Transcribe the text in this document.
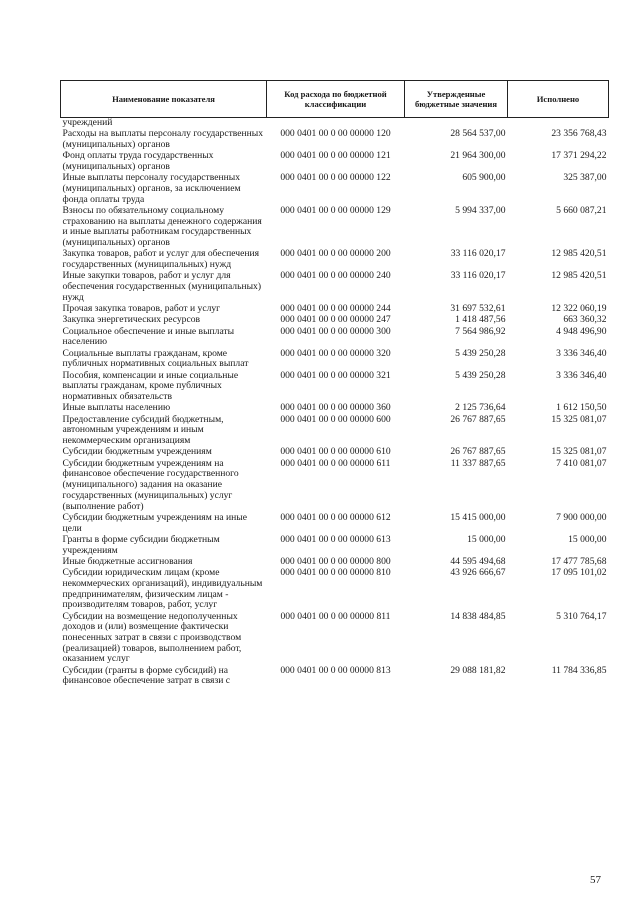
Наименование показателя	Код расхода по бюджетной классификации	Утвержденные бюджетные значения	Исполнено
учреждений			
Расходы на выплаты персоналу государственных (муниципальных) органов	000 0401 00 0 00 00000 120	28 564 537,00	23 356 768,43
Фонд оплаты труда государственных (муниципальных) органов	000 0401 00 0 00 00000 121	21 964 300,00	17 371 294,22
Иные выплаты персоналу государственных (муниципальных) органов, за исключением фонда оплаты труда	000 0401 00 0 00 00000 122	605 900,00	325 387,00
Взносы по обязательному социальному страхованию на выплаты денежного содержания и иные выплаты работникам государственных (муниципальных) органов	000 0401 00 0 00 00000 129	5 994 337,00	5 660 087,21
Закупка товаров, работ и услуг для обеспечения государственных (муниципальных) нужд	000 0401 00 0 00 00000 200	33 116 020,17	12 985 420,51
Иные закупки товаров, работ и услуг для обеспечения государственных (муниципальных) нужд	000 0401 00 0 00 00000 240	33 116 020,17	12 985 420,51
Прочая закупка товаров, работ и услуг	000 0401 00 0 00 00000 244	31 697 532,61	12 322 060,19
Закупка энергетических ресурсов	000 0401 00 0 00 00000 247	1 418 487,56	663 360,32
Социальное обеспечение и иные выплаты населению	000 0401 00 0 00 00000 300	7 564 986,92	4 948 496,90
Социальные выплаты гражданам, кроме публичных нормативных социальных выплат	000 0401 00 0 00 00000 320	5 439 250,28	3 336 346,40
Пособия, компенсации и иные социальные выплаты гражданам, кроме публичных нормативных обязательств	000 0401 00 0 00 00000 321	5 439 250,28	3 336 346,40
Иные выплаты населению	000 0401 00 0 00 00000 360	2 125 736,64	1 612 150,50
Предоставление субсидий бюджетным, автономным учреждениям и иным некоммерческим организациям	000 0401 00 0 00 00000 600	26 767 887,65	15 325 081,07
Субсидии бюджетным учреждениям	000 0401 00 0 00 00000 610	26 767 887,65	15 325 081,07
Субсидии бюджетным учреждениям на финансовое обеспечение государственного (муниципального) задания на оказание государственных (муниципальных) услуг (выполнение работ)	000 0401 00 0 00 00000 611	11 337 887,65	7 410 081,07
Субсидии бюджетным учреждениям на иные цели	000 0401 00 0 00 00000 612	15 415 000,00	7 900 000,00
Гранты в форме субсидии бюджетным учреждениям	000 0401 00 0 00 00000 613	15 000,00	15 000,00
Иные бюджетные ассигнования	000 0401 00 0 00 00000 800	44 595 494,68	17 477 785,68
Субсидии юридическим лицам (кроме некоммерческих организаций), индивидуальным предпринимателям, физическим лицам - производителям товаров, работ, услуг	000 0401 00 0 00 00000 810	43 926 666,67	17 095 101,02
Субсидии на возмещение недополученных доходов и (или) возмещение фактически понесенных затрат в связи с производством (реализацией) товаров, выполнением работ, оказанием услуг	000 0401 00 0 00 00000 811	14 838 484,85	5 310 764,17
Субсидии (гранты в форме субсидий) на финансовое обеспечение затрат в связи с	000 0401 00 0 00 00000 813	29 088 181,82	11 784 336,85
57
